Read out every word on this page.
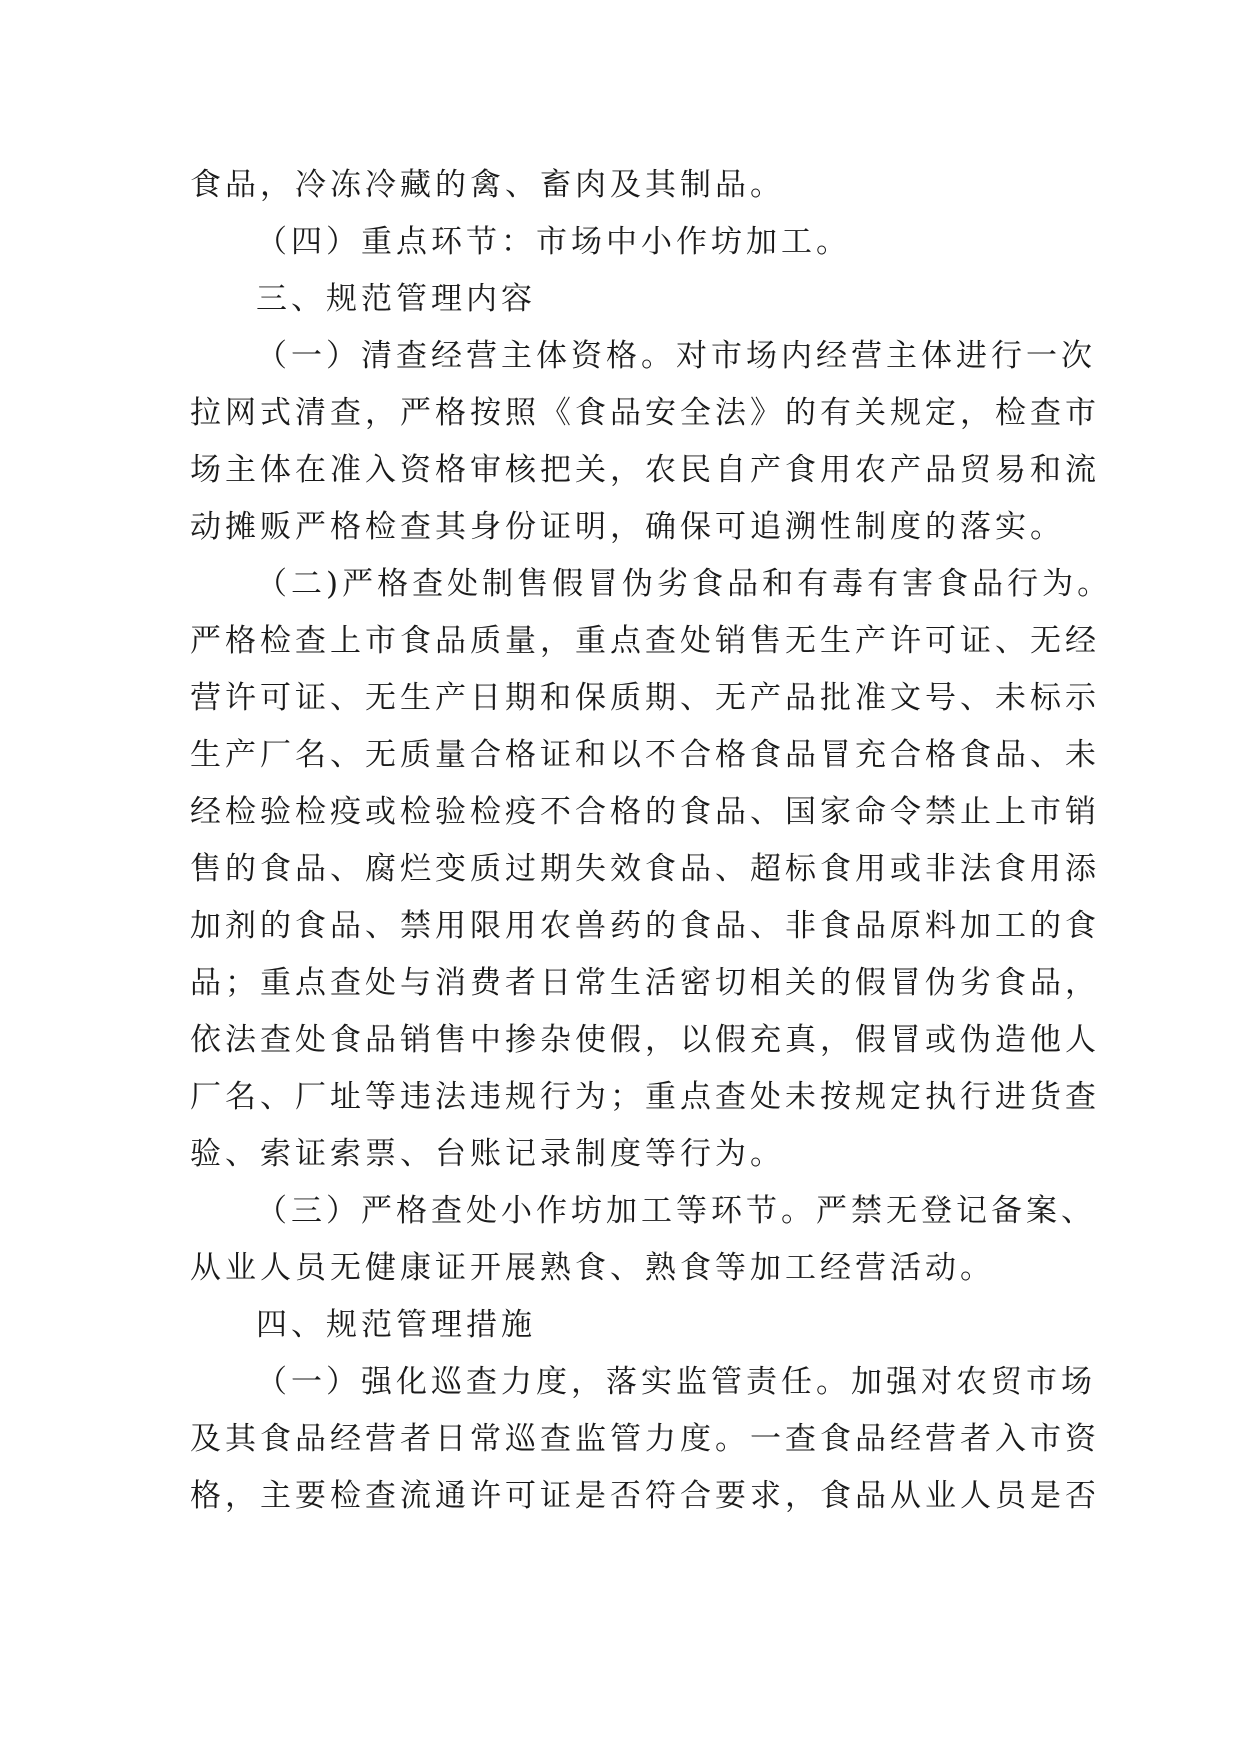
食品，冷冻冷藏的禽、畜肉及其制品。
（四）重点环节：市场中小作坊加工。
三、规范管理内容
（一）清查经营主体资格。对市场内经营主体进行一次
拉网式清查，严格按照《食品安全法》的有关规定，检查市
场主体在准入资格审核把关，农民自产食用农产品贸易和流
动摊贩严格检查其身份证明，确保可追溯性制度的落实。
（二)严格查处制售假冒伪劣食品和有毒有害食品行为。
严格检查上市食品质量，重点查处销售无生产许可证、无经
营许可证、无生产日期和保质期、无产品批准文号、未标示
生产厂名、无质量合格证和以不合格食品冒充合格食品、未
经检验检疫或检验检疫不合格的食品、国家命令禁止上市销
售的食品、腐烂变质过期失效食品、超标食用或非法食用添
加剂的食品、禁用限用农兽药的食品、非食品原料加工的食
品；重点查处与消费者日常生活密切相关的假冒伪劣食品，
依法查处食品销售中掺杂使假，以假充真，假冒或伪造他人
厂名、厂址等违法违规行为；重点查处未按规定执行进货查
验、索证索票、台账记录制度等行为。
（三）严格查处小作坊加工等环节。严禁无登记备案、
从业人员无健康证开展熟食、熟食等加工经营活动。
四、规范管理措施
（一）强化巡查力度，落实监管责任。加强对农贸市场
及其食品经营者日常巡查监管力度。一查食品经营者入市资
格，主要检查流通许可证是否符合要求，食品从业人员是否
